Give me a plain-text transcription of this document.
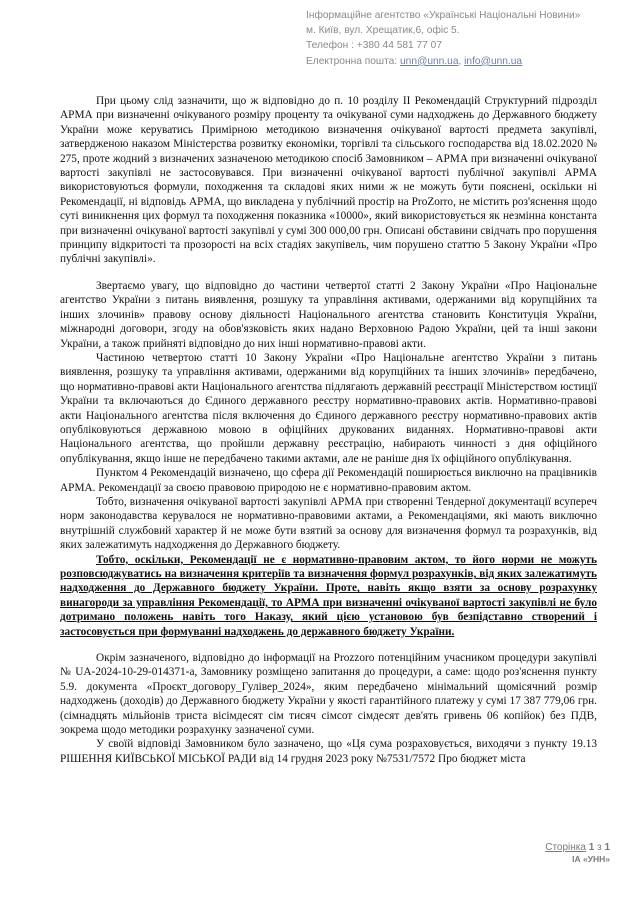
Інформаційне агентство «Українські Національні Новини»
м. Київ, вул. Хрещатик,6, офіс 5.
Телефон : +380 44 581 77 07
Електронна пошта: unn@unn.ua, info@unn.ua

При цьому слід зазначити, що ж відповідно до п. 10 розділу II Рекомендацій Структурний підрозділ АРМА при визначенні очікуваного розміру проценту та очікуваної суми надходжень до Державного бюджету України може керуватись Примірною методикою визначення очікуваної вартості предмета закупівлі, затвердженою наказом Міністерства розвитку економіки, торгівлі та сільського господарства від 18.02.2020 № 275, проте жодний з визначених зазначеною методикою спосіб Замовником – АРМА при визначенні очікуваної вартості закупівлі не застосовувався. При визначенні очікуваної вартості публічної закупівлі АРМА використовуються формули, походження та складові яких ними ж не можуть бути пояснені, оскільки ні Рекомендації, ні відповідь АРМА, що викладена у публічний простір на ProZorro, не містить роз'яснення щодо суті виникнення цих формул та походження показника «10000», який використовується як незмінна константа при визначенні очікуваної вартості закупівлі у сумі 300 000,00 грн. Описані обставини свідчать про порушення принципу відкритості та прозорості на всіх стадіях закупівель, чим порушено статтю 5 Закону України «Про публічні закупівлі».

Звертаємо увагу, що відповідно до частини четвертої статті 2 Закону України «Про Національне агентство України з питань виявлення, розшуку та управління активами, одержаними від корупційних та інших злочинів» правову основу діяльності Національного агентства становить Конституція України, міжнародні договори, згоду на обов'язковість яких надано Верховною Радою України, цей та інші закони України, а також прийняті відповідно до них інші нормативно-правові акти.

Частиною четвертою статті 10 Закону України «Про Національне агентство України з питань виявлення, розшуку та управління активами, одержаними від корупційних та інших злочинів» передбачено, що нормативно-правові акти Національного агентства підлягають державній реєстрації Міністерством юстиції України та включаються до Єдиного державного реєстру нормативно-правових актів. Нормативно-правові акти Національного агентства після включення до Єдиного державного реєстру нормативно-правових актів опубліковуються державною мовою в офіційних друкованих виданнях. Нормативно-правові акти Національного агентства, що пройшли державну реєстрацію, набирають чинності з дня офіційного опублікування, якщо інше не передбачено такими актами, але не раніше дня їх офіційного опублікування.

Пунктом 4 Рекомендацій визначено, що сфера дії Рекомендацій поширюється виключно на працівників АРМА. Рекомендації за своєю правовою природою не є нормативно-правовим актом.

Тобто, визначення очікуваної вартості закупівлі АРМА при створенні Тендерної документації всупереч норм законодавства керувалося не нормативно-правовими актами, а Рекомендаціями, які мають виключно внутрішній службовий характер й не може бути взятий за основу для визначення формул та розрахунків, від яких залежатимуть надходження до Державного бюджету.

Тобто, оскільки, Рекомендації не є нормативно-правовим актом, то його норми не можуть розповсюджуватись на визначення критеріїв та визначення формул розрахунків, від яких залежатимуть надходження до Державного бюджету України. Проте, навіть якщо взяти за основу розрахунку винагороди за управління Рекомендації, то АРМА при визначенні очікуваної вартості закупівлі не було дотримано положень навіть того Наказу, який цією установою був безпідставно створений і застосовується при формуванні надходжень до державного бюджету України.

Окрім зазначеного, відповідно до інформації на Prozzoro потенційним учасником процедури закупівлі № UA-2024-10-29-014371-a, Замовнику розміщено запитання до процедури, а саме: щодо роз'яснення пункту 5.9. документа «Проєкт_договору_Гулівер_2024», яким передбачено мінімальний щомісячний розмір надходжень (доходів) до Державного бюджету України у якості гарантійного платежу у сумі 17 387 779,06 грн. (сімнадцять мільйонів триста вісімдесят сім тисяч сімсот сімдесят дев'ять гривень 06 копійок) без ПДВ, зокрема щодо методики розрахунку зазначеної суми.

У своїй відповіді Замовником було зазначено, що «Ця сума розраховується, виходячи з пункту 19.13 РІШЕННЯ КИЇВСЬКОЇ МІСЬКОЇ РАДИ від 14 грудня 2023 року №7531/7572 Про бюджет міста

Сторінка 1 з 1
ІА «УНН»
